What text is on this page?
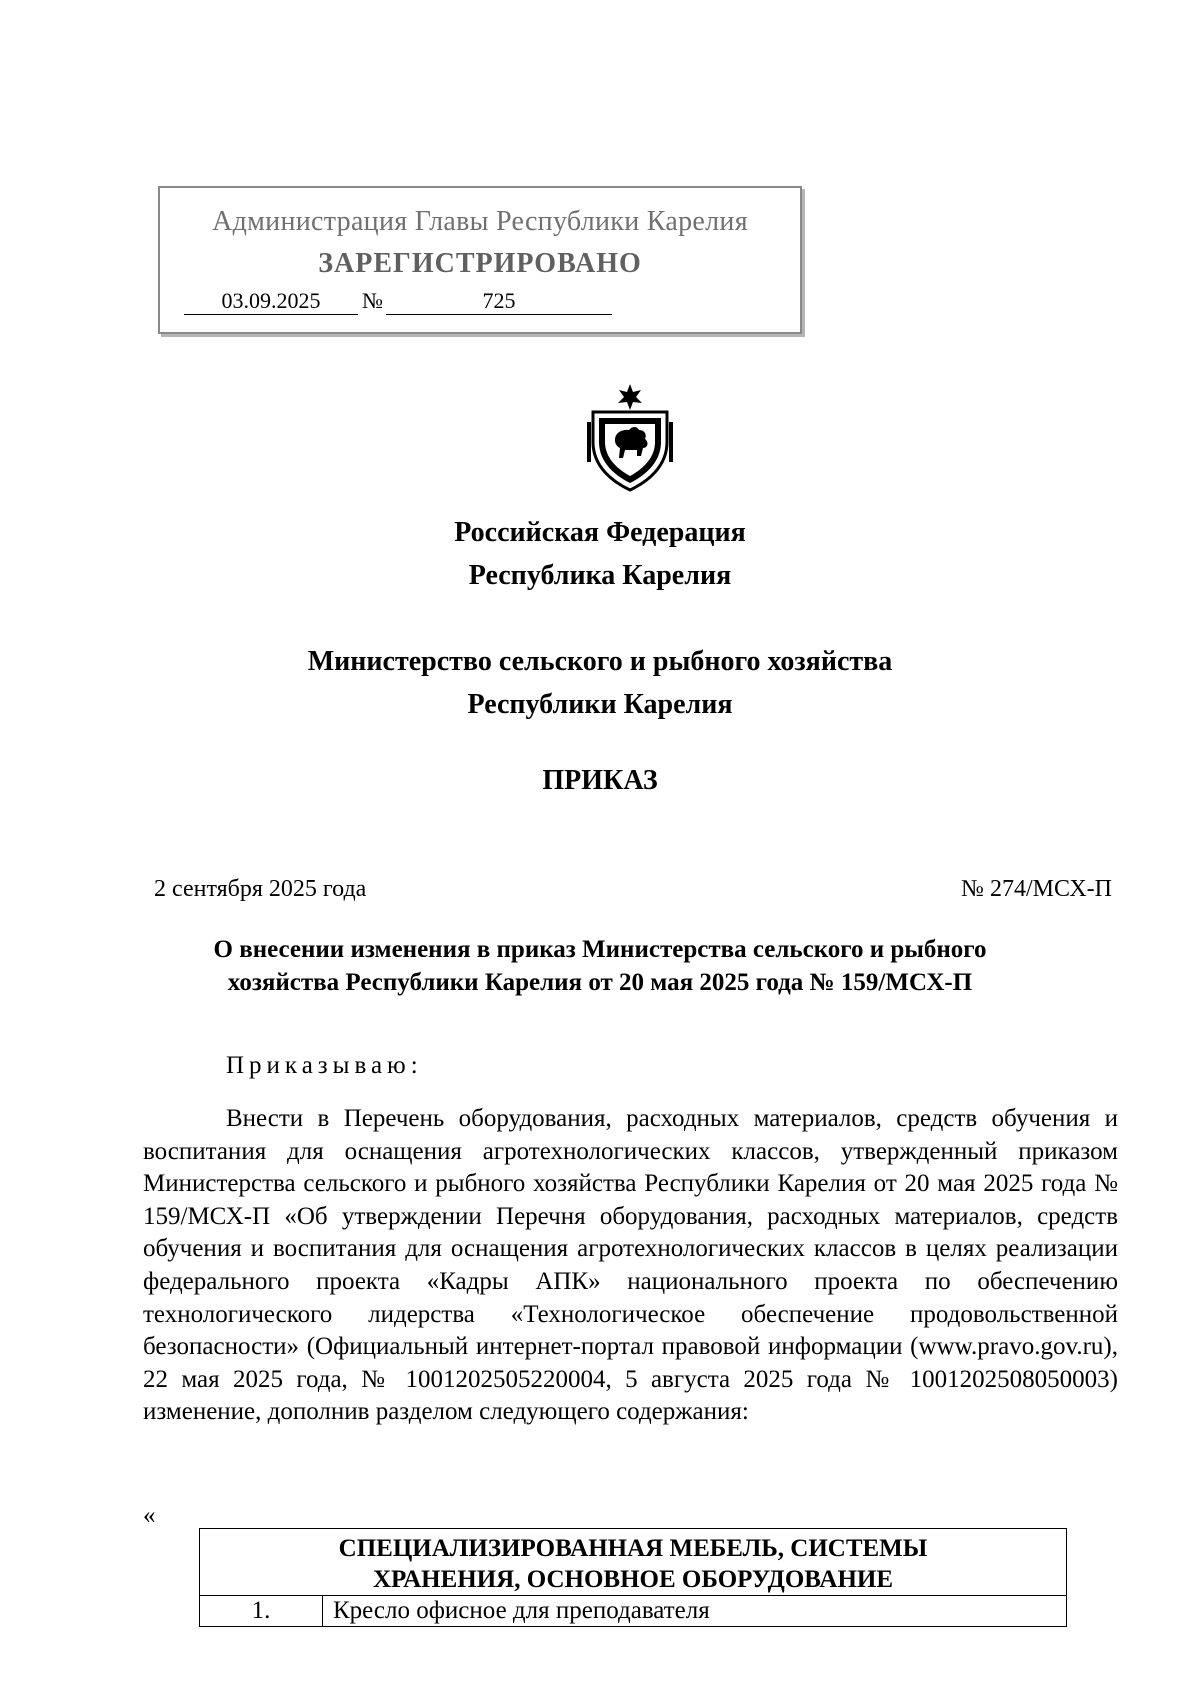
Администрация Главы Республики Карелия
ЗАРЕГИСТРИРОВАНО
03.09.2025	№	725
Российская Федерация
Республика Карелия
Министерство сельского и рыбного хозяйства
Республики Карелия
ПРИКАЗ
2 сентября 2025 года	№ 274/МСХ-П
О внесении изменения в приказ Министерства сельского и рыбного
хозяйства Республики Карелия от 20 мая 2025 года № 159/МСХ-П
Приказываю:
Внести в Перечень оборудования, расходных материалов, средств обучения и воспитания для оснащения агротехнологических классов, утвержденный приказом Министерства сельского и рыбного хозяйства Республики Карелия от 20 мая 2025 года № 159/МСХ-П «Об утверждении Перечня оборудования, расходных материалов, средств обучения и воспитания для оснащения агротехнологических классов в целях реализации федерального проекта «Кадры АПК» национального проекта по обеспечению технологического лидерства «Технологическое обеспечение продовольственной безопасности» (Официальный интернет-портал правовой информации (www.pravo.gov.ru), 22 мая 2025 года, № 1001202505220004, 5 августа 2025 года № 1001202508050003) изменение, дополнив разделом следующего содержания:
«
СПЕЦИАЛИЗИРОВАННАЯ МЕБЕЛЬ, СИСТЕМЫ
ХРАНЕНИЯ, ОСНОВНОЕ ОБОРУДОВАНИЕ

1.	Кресло офисное для преподавателя
